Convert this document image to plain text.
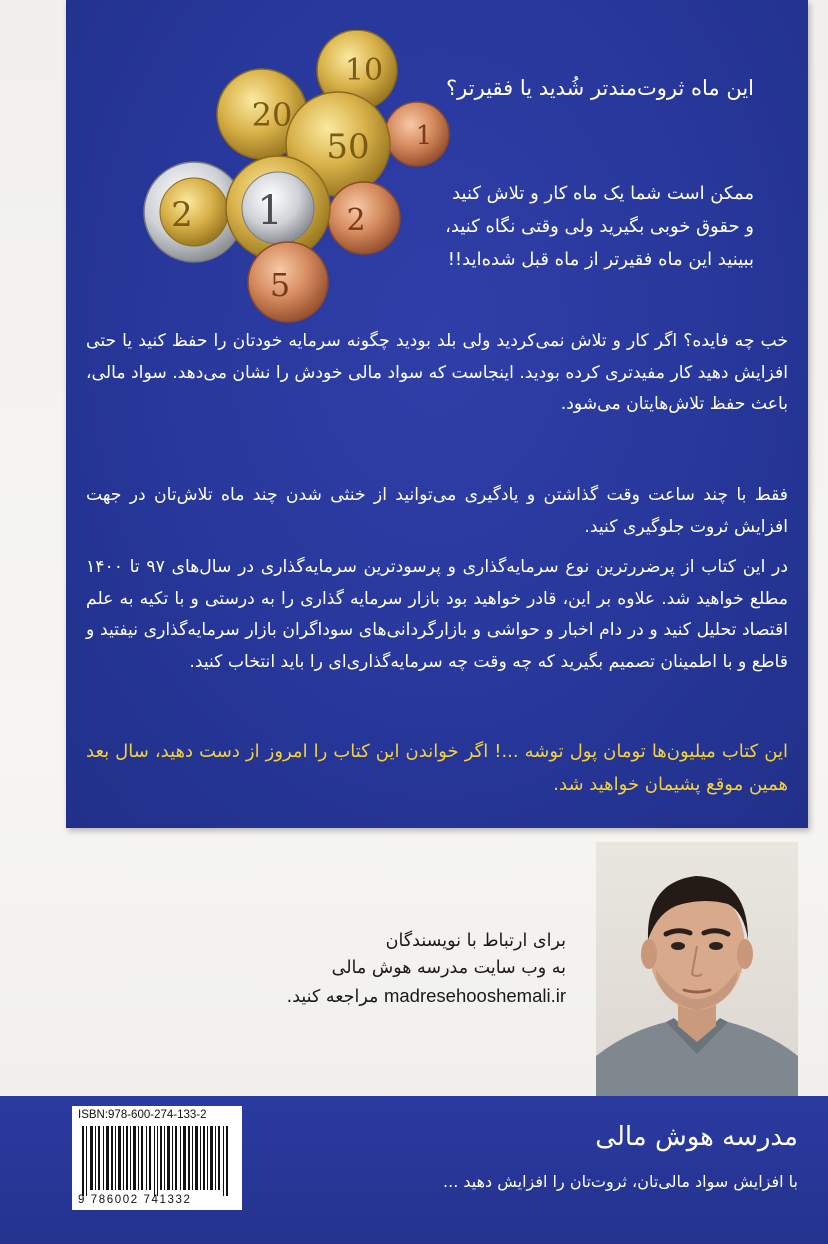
10
20
1
50
2	2
1
5
این ماه ثروت‌مندتر شُدید یا فقیرتر؟
ممکن است شما یک ماه کار و تلاش کنید
و حقوق خوبی بگیرید ولی وقتی نگاه کنید،
ببینید این ماه فقیرتر از ماه قبل شده‌اید!!

خب چه فایده؟ اگر کار و تلاش نمی‌کردید ولی بلد بودید چگونه سرمایه خودتان را حفظ کنید یا حتی افزایش دهید کار مفیدتری کرده بودید. اینجاست که سواد مالی خودش را نشان می‌دهد. سواد مالی، باعث حفظ تلاش‌هایتان می‌شود.

فقط با چند ساعت وقت گذاشتن و یادگیری می‌توانید از خنثی شدن چند ماه تلاش‌تان در جهت افزایش ثروت جلوگیری کنید.

در این کتاب از پرضررترین نوع سرمایه‌گذاری و پرسودترین سرمایه‌گذاری در سال‌های ۹۷ تا ۱۴۰۰ مطلع خواهید شد. علاوه بر این، قادر خواهید بود بازار سرمایه گذاری را به درستی و با تکیه به علم اقتصاد تحلیل کنید و در دام اخبار و حواشی و بازارگردانی‌های سوداگران بازار سرمایه‌گذاری نیفتید و قاطع و با اطمینان تصمیم بگیرید که چه وقت چه سرمایه‌گذاری‌ای را باید انتخاب کنید.

این کتاب میلیون‌ها تومان پول توشه ...! اگر خواندن این کتاب را امروز از دست دهید، سال بعد همین موقع پشیمان خواهید شد.

برای ارتباط با نویسندگان
به وب سایت مدرسه هوش مالی
madresehooshemali.ir مراجعه کنید.
ISBN:978-600-274-133-2
9 786002 741332
مدرسه هوش مالی
با افزایش سواد مالی‌تان، ثروت‌تان را افزایش دهید ...
